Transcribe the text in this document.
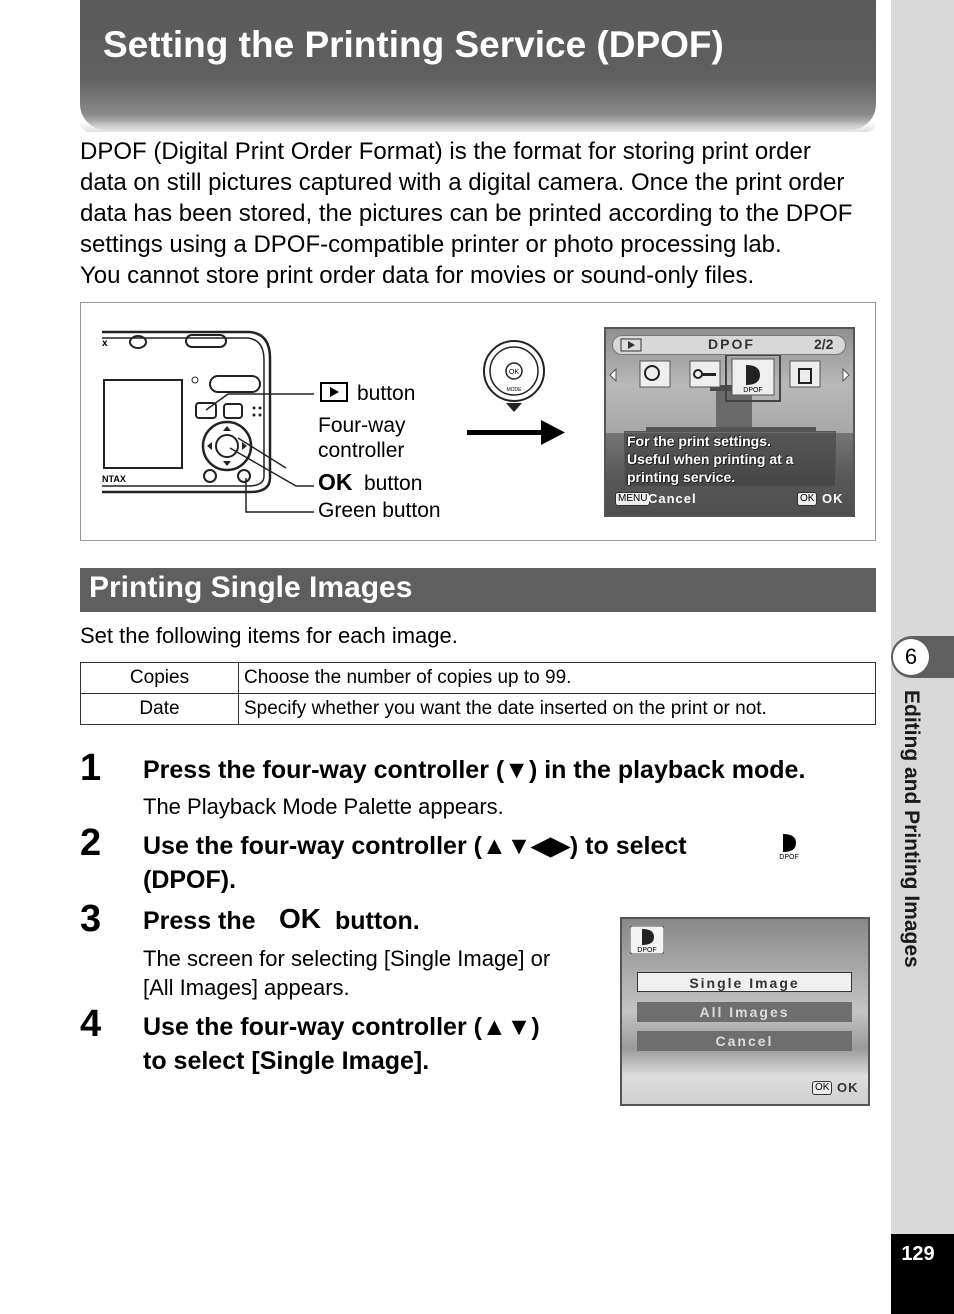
Setting the Printing Service (DPOF)
6
Editing and Printing Images
129
DPOF (Digital Print Order Format) is the format for storing print order
data on still pictures captured with a digital camera. Once the print order
data has been stored, the pictures can be printed according to the DPOF
settings using a DPOF-compatible printer or photo processing lab.
You cannot store print order data for movies or sound-only files.
x
NTAX
button
Four-way
controller
OK button
Green button
OK
MODE
DPOF	2/2
DPOF
For the print settings.
Useful when printing at a
printing service.
MENU Cancel	OK OK
Printing Single Images
Set the following items for each image.
Copies	Choose the number of copies up to 99.
Date	Specify whether you want the date inserted on the print or not.
1 Press the four-way controller (▼) in the playback mode.
The Playback Mode Palette appears.
2 Use the four-way controller (▲▼◀▶) to select	DPOF
(DPOF).
3 Press the OK button.
The screen for selecting [Single Image] or
[All Images] appears.
4 Use the four-way controller (▲▼)
to select [Single Image].
DPOF
Single Image
All Images
Cancel
OK OK
